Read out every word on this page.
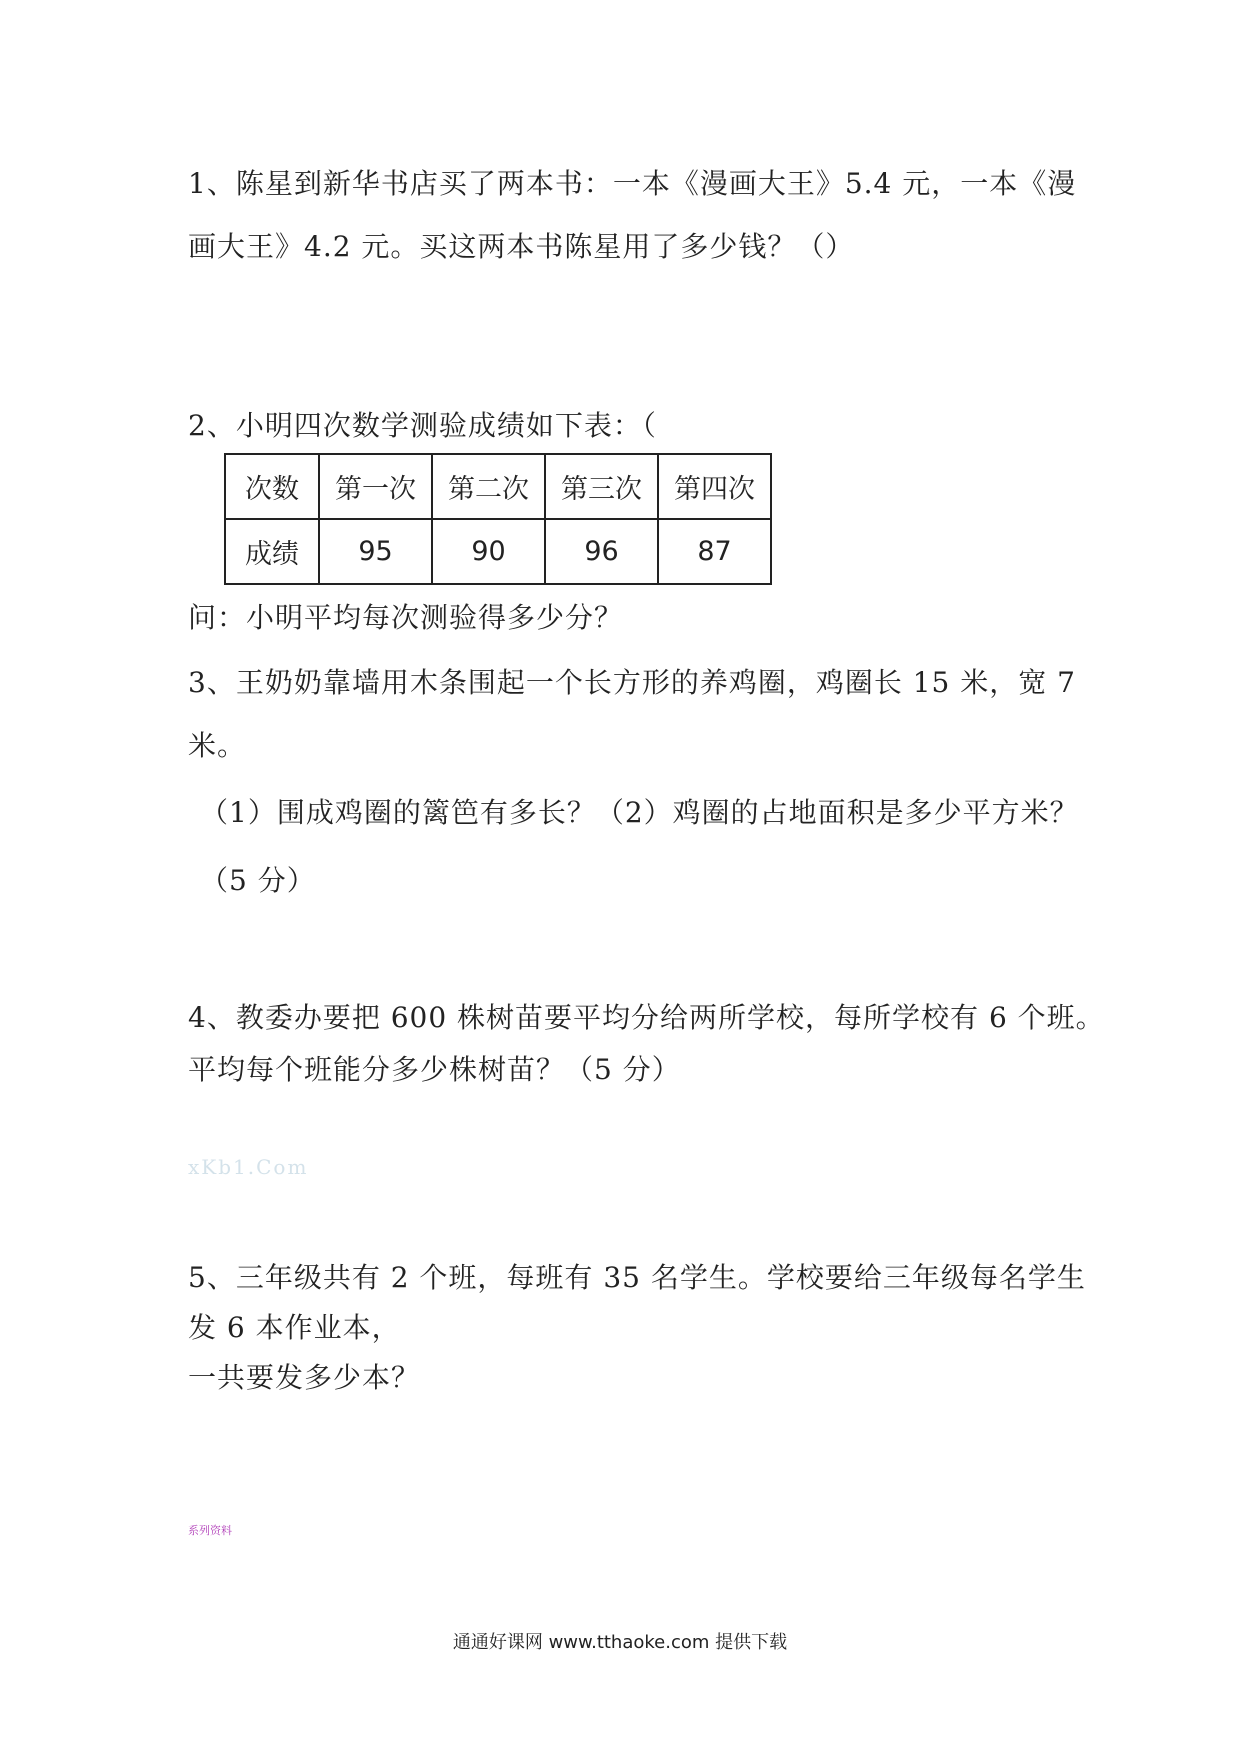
1、陈星到新华书店买了两本书：一本《漫画大王》5.4 元，一本《漫
画大王》4.2 元。买这两本书陈星用了多少钱？（）
2、小明四次数学测验成绩如下表：（
次数	第一次	第二次	第三次	第四次
成绩	95	90	96	87
问：小明平均每次测验得多少分？
3、王奶奶靠墙用木条围起一个长方形的养鸡圈，鸡圈长 15 米，宽 7
米。
（1）围成鸡圈的篱笆有多长？（2）鸡圈的占地面积是多少平方米？
（5 分）
4、教委办要把 600 株树苗要平均分给两所学校，每所学校有 6 个班。
平均每个班能分多少株树苗？（5 分）
xKb1.Com
5、三年级共有 2 个班，每班有 35 名学生。学校要给三年级每名学生
发 6 本作业本，
一共要发多少本？
系列资料
通通好课网 www.tthaoke.com 提供下载
